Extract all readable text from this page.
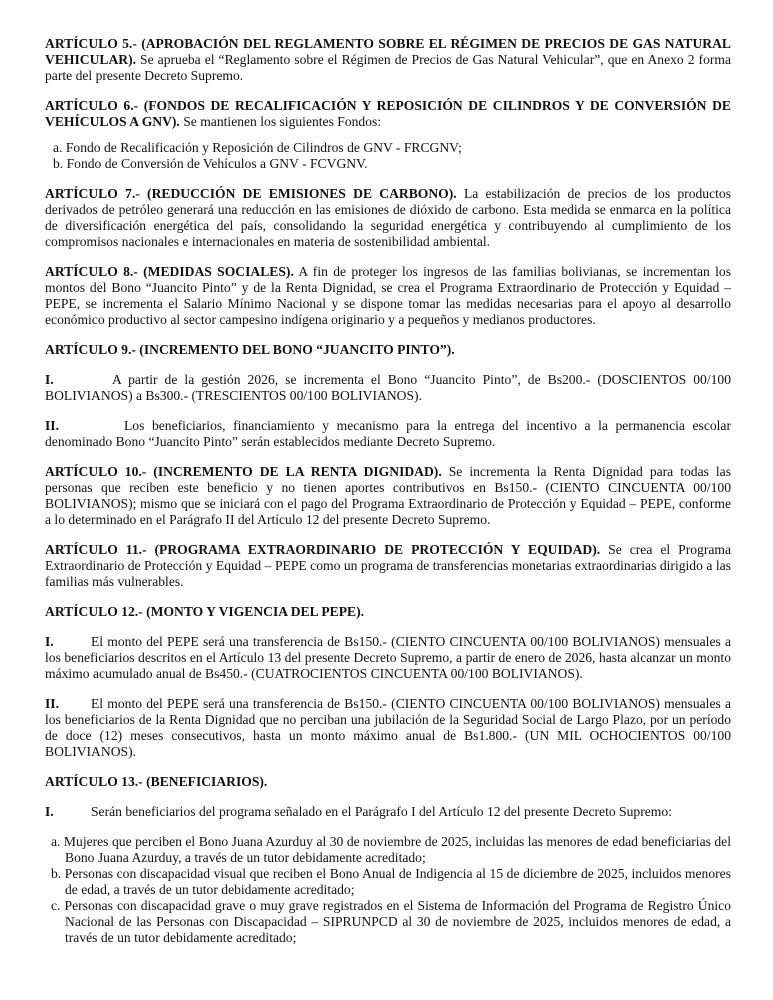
ARTÍCULO 5.- (APROBACIÓN DEL REGLAMENTO SOBRE EL RÉGIMEN DE PRECIOS DE GAS NATURAL VEHICULAR). Se aprueba el “Reglamento sobre el Régimen de Precios de Gas Natural Vehicular”, que en Anexo 2 forma parte del presente Decreto Supremo.

ARTÍCULO 6.- (FONDOS DE RECALIFICACIÓN Y REPOSICIÓN DE CILINDROS Y DE CONVERSIÓN DE VEHÍCULOS A GNV). Se mantienen los siguientes Fondos:

a. Fondo de Recalificación y Reposición de Cilindros de GNV - FRCGNV;
b. Fondo de Conversión de Vehículos a GNV - FCVGNV.

ARTÍCULO 7.- (REDUCCIÓN DE EMISIONES DE CARBONO). La estabilización de precios de los productos derivados de petróleo generará una reducción en las emisiones de dióxido de carbono. Esta medida se enmarca en la política de diversificación energética del país, consolidando la seguridad energética y contribuyendo al cumplimiento de los compromisos nacionales e internacionales en materia de sostenibilidad ambiental.

ARTÍCULO 8.- (MEDIDAS SOCIALES). A fin de proteger los ingresos de las familias bolivianas, se incrementan los montos del Bono “Juancito Pinto” y de la Renta Dignidad, se crea el Programa Extraordinario de Protección y Equidad – PEPE, se incrementa el Salario Mínimo Nacional y se dispone tomar las medidas necesarias para el apoyo al desarrollo económico productivo al sector campesino indígena originario y a pequeños y medianos productores.

ARTÍCULO 9.- (INCREMENTO DEL BONO “JUANCITO PINTO”).

I.	A partir de la gestión 2026, se incrementa el Bono “Juancito Pinto”, de Bs200.- (DOSCIENTOS 00/100 BOLIVIANOS) a Bs300.- (TRESCIENTOS 00/100 BOLIVIANOS).

II.	Los beneficiarios, financiamiento y mecanismo para la entrega del incentivo a la permanencia escolar denominado Bono “Juancito Pinto” serán establecidos mediante Decreto Supremo.

ARTÍCULO 10.- (INCREMENTO DE LA RENTA DIGNIDAD). Se incrementa la Renta Dignidad para todas las personas que reciben este beneficio y no tienen aportes contributivos en Bs150.- (CIENTO CINCUENTA 00/100 BOLIVIANOS); mismo que se iniciará con el pago del Programa Extraordinario de Protección y Equidad – PEPE, conforme a lo determinado en el Parágrafo II del Artículo 12 del presente Decreto Supremo.

ARTÍCULO 11.- (PROGRAMA EXTRAORDINARIO DE PROTECCIÓN Y EQUIDAD). Se crea el Programa Extraordinario de Protección y Equidad – PEPE como un programa de transferencias monetarias extraordinarias dirigido a las familias más vulnerables.

ARTÍCULO 12.- (MONTO Y VIGENCIA DEL PEPE).

I.	El monto del PEPE será una transferencia de Bs150.- (CIENTO CINCUENTA 00/100 BOLIVIANOS) mensuales a los beneficiarios descritos en el Artículo 13 del presente Decreto Supremo, a partir de enero de 2026, hasta alcanzar un monto máximo acumulado anual de Bs450.- (CUATROCIENTOS CINCUENTA 00/100 BOLIVIANOS).

II. El monto del PEPE será una transferencia de Bs150.- (CIENTO CINCUENTA 00/100 BOLIVIANOS) mensuales a los beneficiarios de la Renta Dignidad que no perciban una jubilación de la Seguridad Social de Largo Plazo, por un período de doce (12) meses consecutivos, hasta un monto máximo anual de Bs1.800.- (UN MIL OCHOCIENTOS 00/100 BOLIVIANOS).

ARTÍCULO 13.- (BENEFICIARIOS).

I.	Serán beneficiarios del programa señalado en el Parágrafo I del Artículo 12 del presente Decreto Supremo:

a. Mujeres que perciben el Bono Juana Azurduy al 30 de noviembre de 2025, incluidas las menores de edad beneficiarias del Bono Juana Azurduy, a través de un tutor debidamente acreditado;
b. Personas con discapacidad visual que reciben el Bono Anual de Indigencia al 15 de diciembre de 2025, incluidos menores de edad, a través de un tutor debidamente acreditado;
c. Personas con discapacidad grave o muy grave registrados en el Sistema de Información del Programa de Registro Único Nacional de las Personas con Discapacidad – SIPRUNPCD al 30 de noviembre de 2025, incluidos menores de edad, a través de un tutor debidamente acreditado;
